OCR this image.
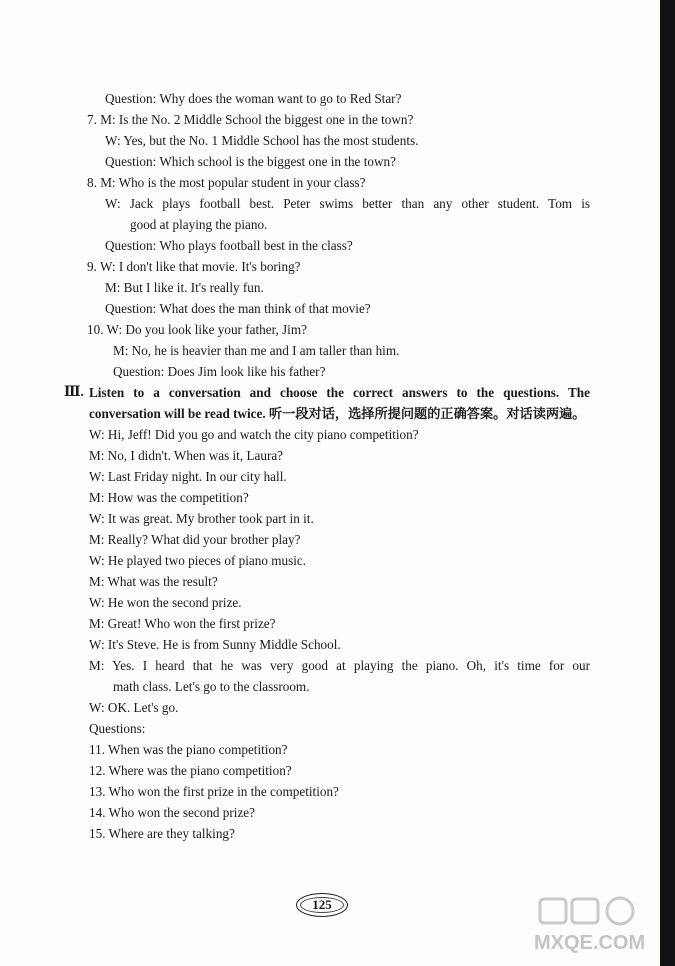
Question: Why does the woman want to go to Red Star?
7. M: Is the No. 2 Middle School the biggest one in the town?
W: Yes, but the No. 1 Middle School has the most students.
Question: Which school is the biggest one in the town?
8. M: Who is the most popular student in your class?
W: Jack plays football best. Peter swims better than any other student. Tom is
good at playing the piano.
Question: Who plays football best in the class?
9. W: I don't like that movie. It's boring?
M: But I like it. It's really fun.
Question: What does the man think of that movie?
10. W: Do you look like your father, Jim?
M: No, he is heavier than me and I am taller than him.
Question: Does Jim look like his father?
Ⅲ. Listen to a conversation and choose the correct answers to the questions. The
conversation will be read twice. 听一段对话，选择所提问题的正确答案。对话读两遍。
W: Hi, Jeff! Did you go and watch the city piano competition?
M: No, I didn't. When was it, Laura?
W: Last Friday night. In our city hall.
M: How was the competition?
W: It was great. My brother took part in it.
M: Really? What did your brother play?
W: He played two pieces of piano music.
M: What was the result?
W: He won the second prize.
M: Great! Who won the first prize?
W: It's Steve. He is from Sunny Middle School.
M: Yes. I heard that he was very good at playing the piano. Oh, it's time for our
math class. Let's go to the classroom.
W: OK. Let's go.
Questions:
11. When was the piano competition?
12. Where was the piano competition?
13. Who won the first prize in the competition?
14. Who won the second prize?
15. Where are they talking?
125
MXQE.COM
